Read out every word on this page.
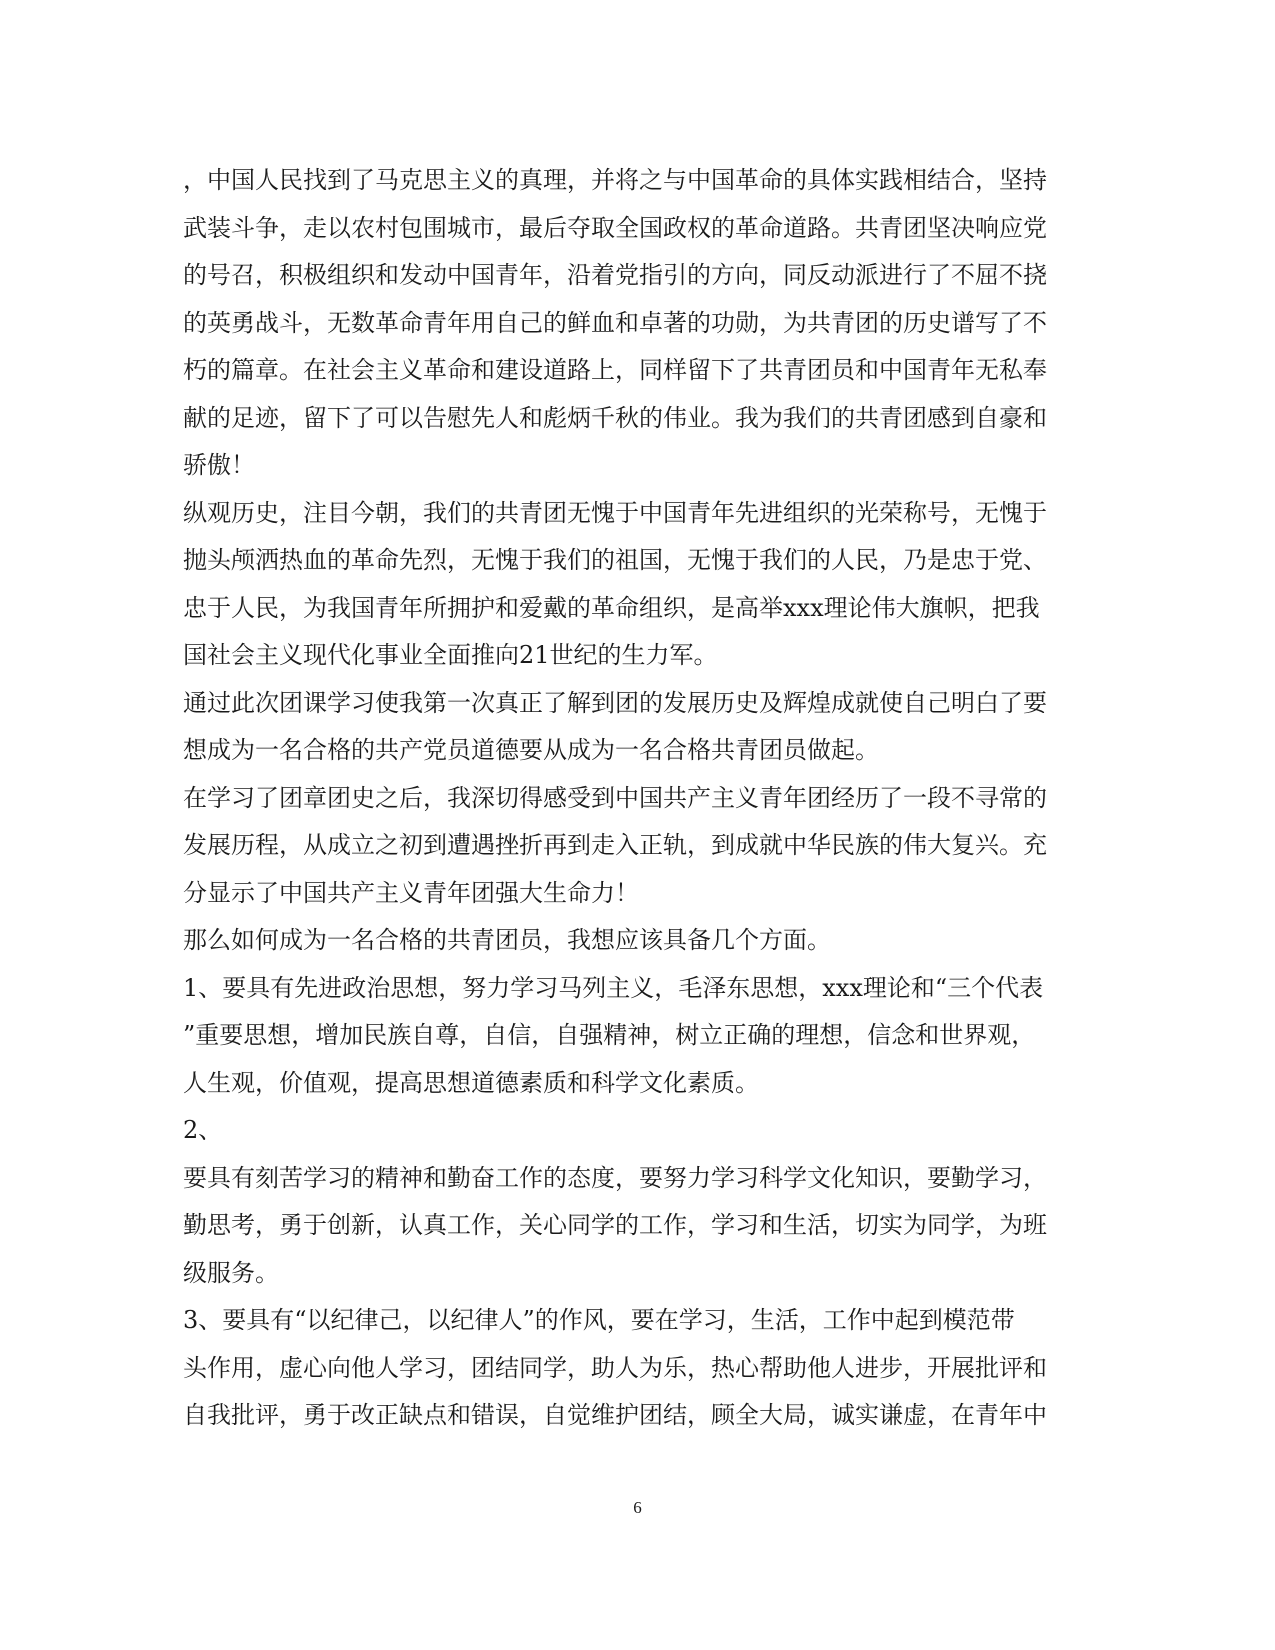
，中国人民找到了马克思主义的真理，并将之与中国革命的具体实践相结合，坚持
武装斗争，走以农村包围城市，最后夺取全国政权的革命道路。共青团坚决响应党
的号召，积极组织和发动中国青年，沿着党指引的方向，同反动派进行了不屈不挠
的英勇战斗，无数革命青年用自己的鲜血和卓著的功勋，为共青团的历史谱写了不
朽的篇章。在社会主义革命和建设道路上，同样留下了共青团员和中国青年无私奉
献的足迹，留下了可以告慰先人和彪炳千秋的伟业。我为我们的共青团感到自豪和
骄傲！
纵观历史，注目今朝，我们的共青团无愧于中国青年先进组织的光荣称号，无愧于
抛头颅洒热血的革命先烈，无愧于我们的祖国，无愧于我们的人民，乃是忠于党、
忠于人民，为我国青年所拥护和爱戴的革命组织，是高举xxx理论伟大旗帜，把我
国社会主义现代化事业全面推向21世纪的生力军。
通过此次团课学习使我第一次真正了解到团的发展历史及辉煌成就使自己明白了要
想成为一名合格的共产党员道德要从成为一名合格共青团员做起。
在学习了团章团史之后，我深切得感受到中国共产主义青年团经历了一段不寻常的
发展历程，从成立之初到遭遇挫折再到走入正轨，到成就中华民族的伟大复兴。充
分显示了中国共产主义青年团强大生命力！
那么如何成为一名合格的共青团员，我想应该具备几个方面。
1、要具有先进政治思想，努力学习马列主义，毛泽东思想，xxx理论和“三个代表
”重要思想，增加民族自尊，自信，自强精神，树立正确的理想，信念和世界观，
人生观，价值观，提高思想道德素质和科学文化素质。
2、
要具有刻苦学习的精神和勤奋工作的态度，要努力学习科学文化知识，要勤学习，
勤思考，勇于创新，认真工作，关心同学的工作，学习和生活，切实为同学，为班
级服务。
3、要具有“以纪律己，以纪律人”的作风，要在学习，生活，工作中起到模范带
头作用，虚心向他人学习，团结同学，助人为乐，热心帮助他人进步，开展批评和
自我批评，勇于改正缺点和错误，自觉维护团结，顾全大局，诚实谦虚，在青年中
6
